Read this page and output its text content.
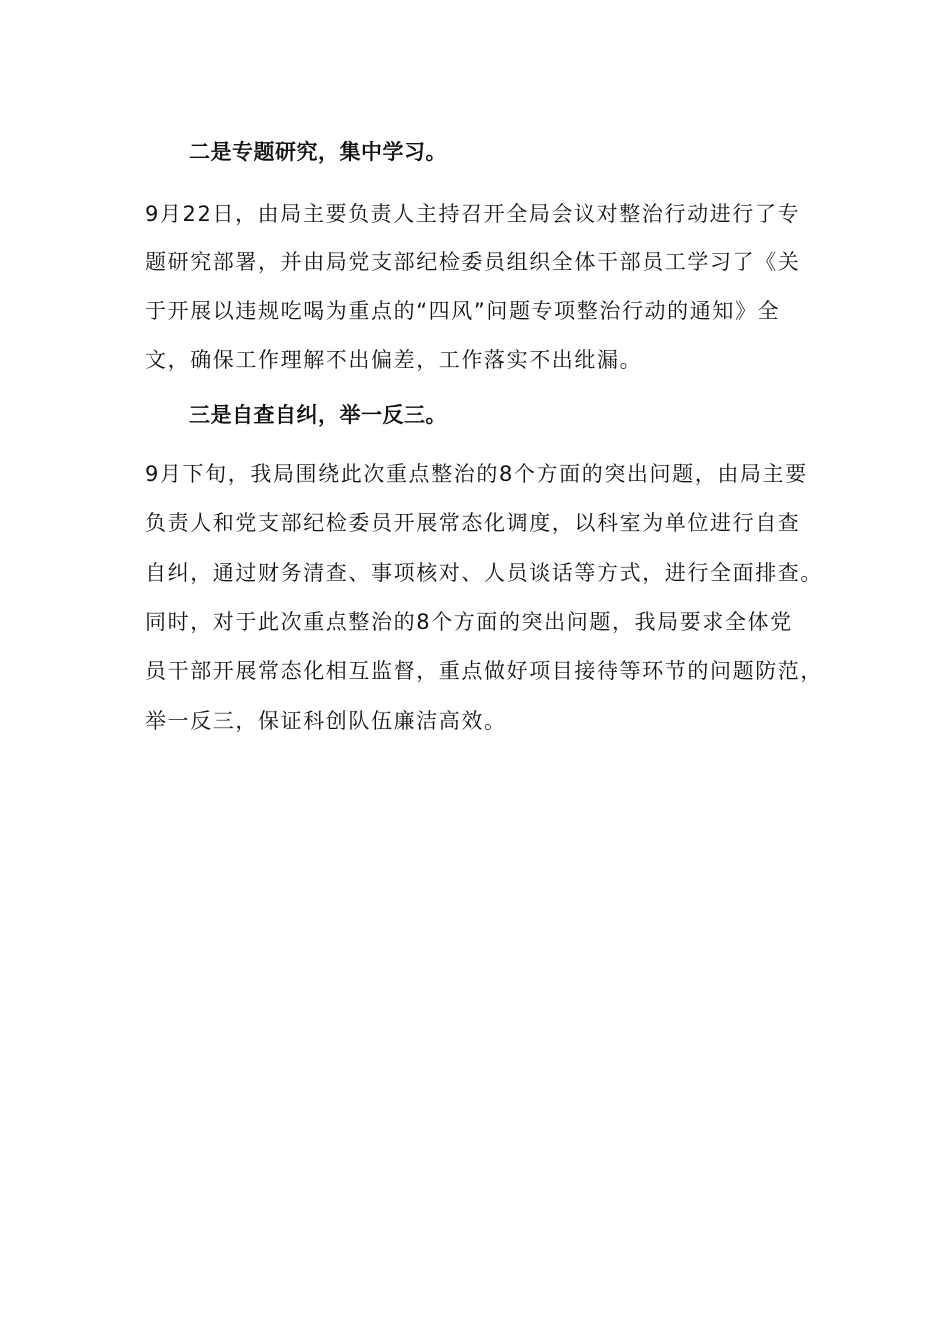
二是专题研究，集中学习。
9月22日，由局主要负责人主持召开全局会议对整治行动进行了专
题研究部署，并由局党支部纪检委员组织全体干部员工学习了《关
于开展以违规吃喝为重点的“四风”问题专项整治行动的通知》全
文，确保工作理解不出偏差，工作落实不出纰漏。
三是自查自纠，举一反三。
9月下旬，我局围绕此次重点整治的8个方面的突出问题，由局主要
负责人和党支部纪检委员开展常态化调度，以科室为单位进行自查
自纠，通过财务清查、事项核对、人员谈话等方式，进行全面排查。
同时，对于此次重点整治的8个方面的突出问题，我局要求全体党
员干部开展常态化相互监督，重点做好项目接待等环节的问题防范，
举一反三，保证科创队伍廉洁高效。
